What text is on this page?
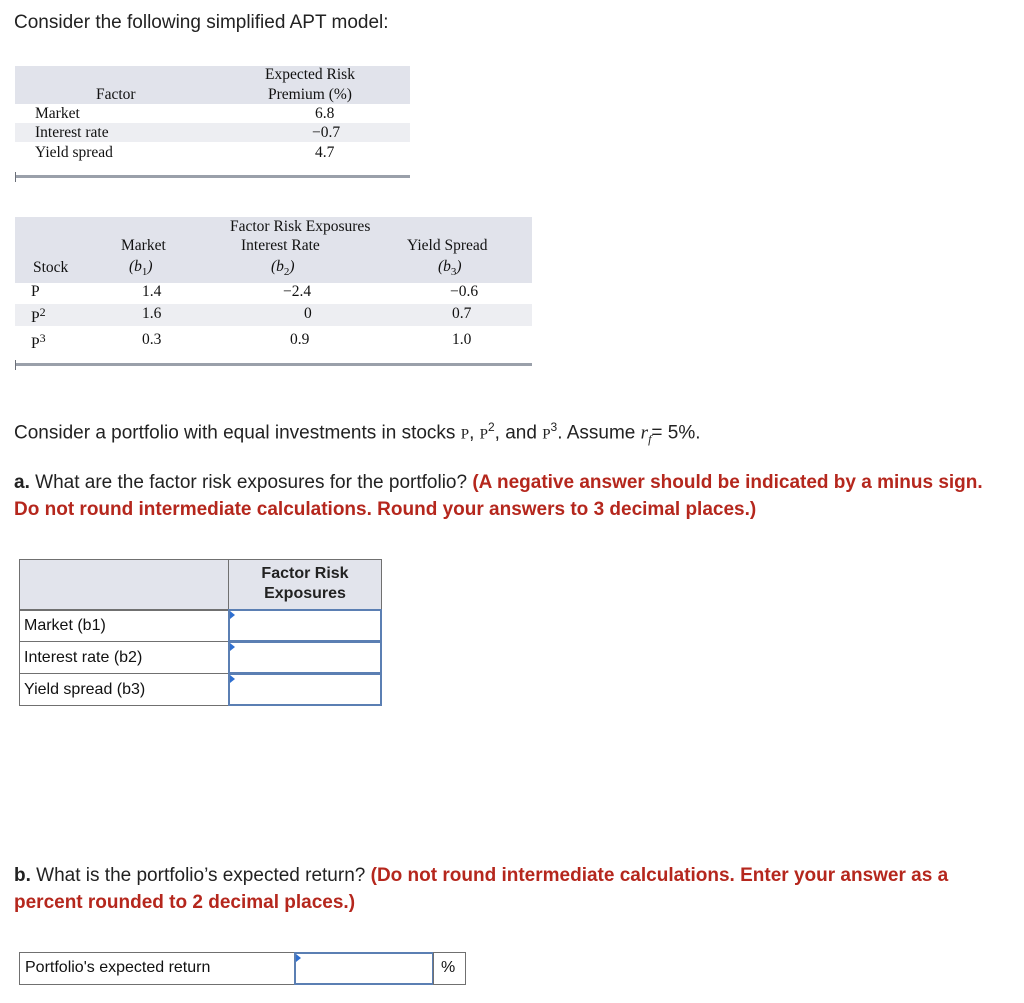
Consider the following simplified APT model:
Factor
Expected Risk
Premium (%)
Market	6.8
Interest rate	−0.7
Yield spread	4.7
Factor Risk Exposures
Market	Interest Rate	Yield Spread
Stock	$(b_1)$	$(b_2)$	$(b_3)$
P	1.4	−2.4	−0.6
$P^2$	1.6	0	0.7
$P^3$	0.3	0.9	1.0
Consider a portfolio with equal investments in stocks P, $P^2$, and $P^3$. Assume $r_f= 5\%$.
a. What are the factor risk exposures for the portfolio? (A negative answer should be indicated by a minus sign. Do not round intermediate calculations. Round your answers to 3 decimal places.)
Factor Risk
Exposures
Market (b1)
Interest rate (b2)
Yield spread (b3)
b. What is the portfolio’s expected return? (Do not round intermediate calculations. Enter your answer as a percent rounded to 2 decimal places.)
Portfolio's expected return	%
